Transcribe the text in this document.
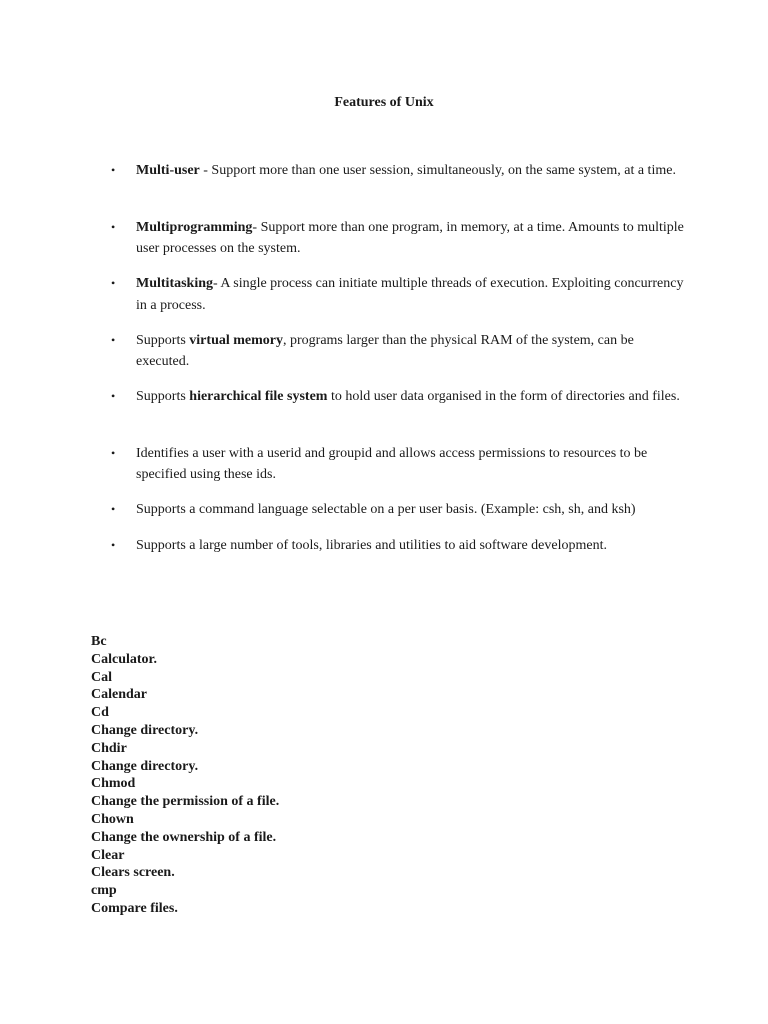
Features of Unix
• Multi-user - Support more than one user session, simultaneously, on the same system, at a time.
• Multiprogramming- Support more than one program, in memory, at a time. Amounts to multiple user processes on the system.
• Multitasking- A single process can initiate multiple threads of execution. Exploiting concurrency in a process.
• Supports virtual memory, programs larger than the physical RAM of the system, can be executed.
• Supports hierarchical file system to hold user data organised in the form of directories and files.
• Identifies a user with a userid and groupid and allows access permissions to resources to be specified using these ids.
• Supports a command language selectable on a per user basis. (Example: csh, sh, and ksh)
• Supports a large number of tools, libraries and utilities to aid software development.
Bc
Calculator.
Cal
Calendar
Cd
Change directory.
Chdir
Change directory.
Chmod
Change the permission of a file.
Chown
Change the ownership of a file.
Clear
Clears screen.
cmp
Compare files.
